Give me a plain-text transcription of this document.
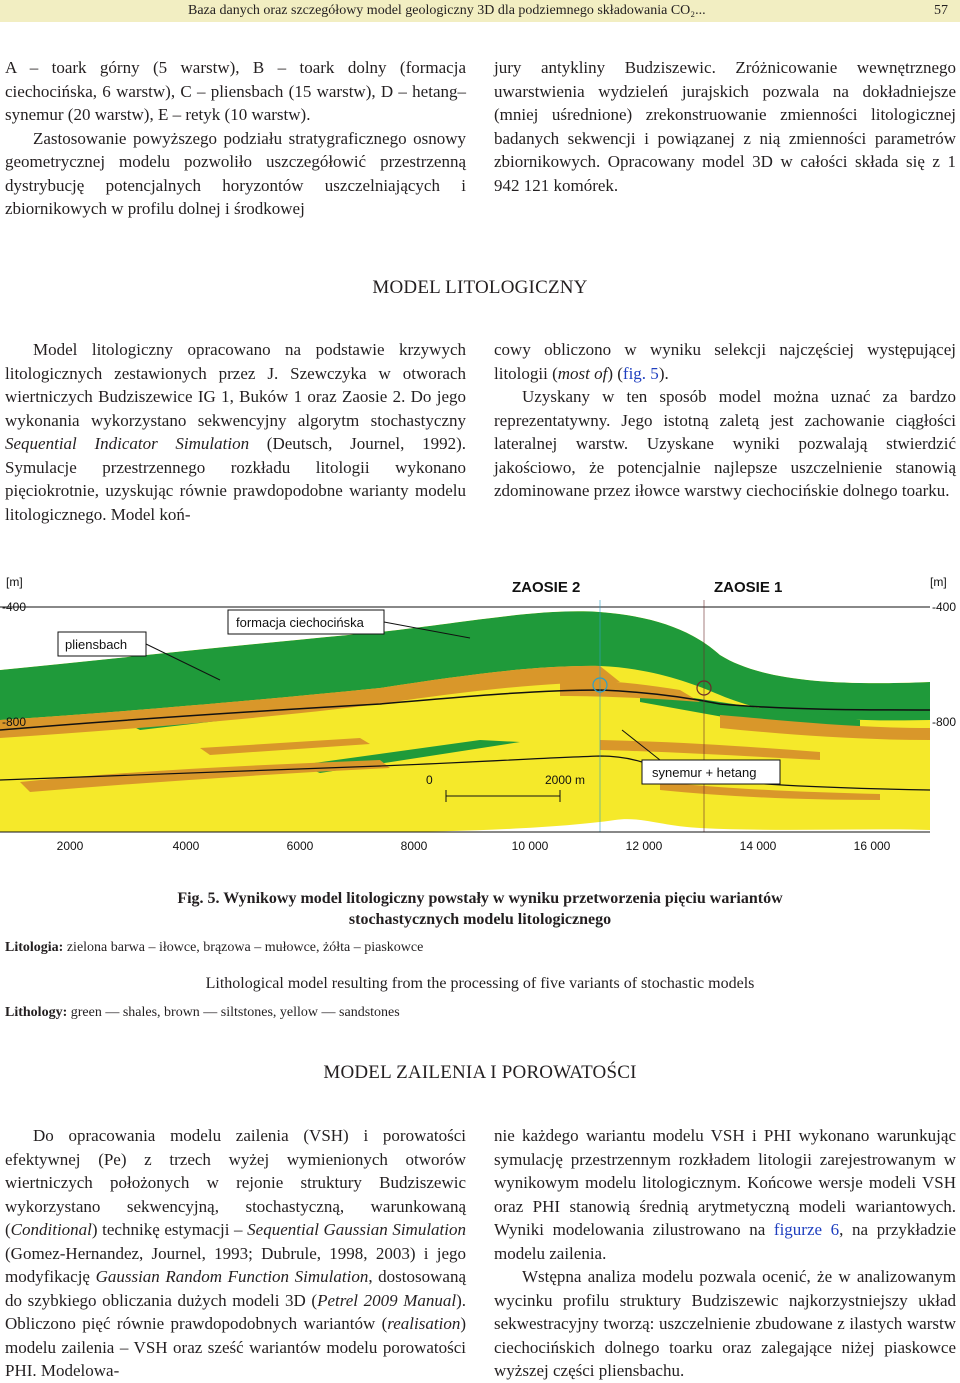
Baza danych oraz szczegółowy model geologiczny 3D dla podziemnego składowania CO₂...	57

A – toark górny (5 warstw), B – toark dolny (formacja ciechocińska, 6 warstw), C – pliensbach (15 warstw), D – hetang–synemur (20 warstw), E – retyk (10 warstw).

Zastosowanie powyższego podziału stratygraficznego osnowy geometrycznej modelu pozwoliło uszczegółowić przestrzenną dystrybucję potencjalnych horyzontów uszczelniających i zbiornikowych w profilu dolnej i środkowej

jury antykliny Budziszewic. Zróżnicowanie wewnętrznego uwarstwienia wydzieleń jurajskich pozwala na dokładniejsze (mniej uśrednione) zrekonstruowanie zmienności litologicznej badanych sekwencji i powiązanej z nią zmienności parametrów zbiornikowych. Opracowany model 3D w całości składa się z 1 942 121 komórek.

MODEL LITOLOGICZNY

Model litologiczny opracowano na podstawie krzywych litologicznych zestawionych przez J. Szewczyka w otworach wiertniczych Budziszewice IG 1, Buków 1 oraz Zaosie 2. Do jego wykonania wykorzystano sekwencyjny algorytm stochastyczny Sequential Indicator Simulation (Deutsch, Journel, 1992). Symulacje przestrzennego rozkładu litologii wykonano pięciokrotnie, uzyskując równie prawdopodobne warianty modelu litologicznego. Model koń-

cowy obliczono w wyniku selekcji najczęściej występującej litologii (most of) (fig. 5).

Uzyskany w ten sposób model można uznać za bardzo reprezentatywny. Jego istotną zaletą jest zachowanie ciągłości lateralnej warstw. Uzyskane wyniki pozwalają stwierdzić jakościowo, że potencjalnie najlepsze uszczelnienie stanowią zdominowane przez iłowce warstwy ciechocińskie dolnego toarku.

[m]	[m]
-400	-400
-800	-800
ZAOSIE 2	ZAOSIE 1
formacja ciechocińska
pliensbach
synemur + hetang
0	2000 m
2000	4000	6000	8000	10 000	12 000	14 000	16 000
Fig. 5. Wynikowy model litologiczny powstały w wyniku przetworzenia pięciu wariantów
stochastycznych modelu litologicznego
Litologia: zielona barwa – iłowce, brązowa – mułowce, żółta – piaskowce
Lithological model resulting from the processing of five variants of stochastic models
Lithology: green — shales, brown — siltstones, yellow — sandstones
MODEL ZAILENIA I POROWATOŚCI

Do opracowania modelu zailenia (VSH) i porowatości efektywnej (Pe) z trzech wyżej wymienionych otworów wiertniczych położonych w rejonie struktury Budziszewic wykorzystano sekwencyjną, stochastyczną, warunkowaną (Conditional) technikę estymacji – Sequential Gaussian Simulation (Gomez-Hernandez, Journel, 1993; Dubrule, 1998, 2003) i jego modyfikację Gaussian Random Function Simulation, dostosowaną do szybkiego obliczania dużych modeli 3D (Petrel 2009 Manual). Obliczono pięć równie prawdopodobnych wariantów (realisation) modelu zailenia – VSH oraz sześć wariantów modelu porowatości PHI. Modelowa-

nie każdego wariantu modelu VSH i PHI wykonano warunkując symulację przestrzennym rozkładem litologii zarejestrowanym w wynikowym modelu litologicznym. Końcowe wersje modeli VSH oraz PHI stanowią średnią arytmetyczną modeli wariantowych. Wyniki modelowania zilustrowano na figurze 6, na przykładzie modelu zailenia.

Wstępna analiza modelu pozwala ocenić, że w analizowanym wycinku profilu struktury Budziszewic najkorzystniejszy układ sekwestracyjny tworzą: uszczelnienie zbudowane z ilastych warstw ciechocińskich dolnego toarku oraz zalegające niżej piaskowce wyższej części pliensbachu.
